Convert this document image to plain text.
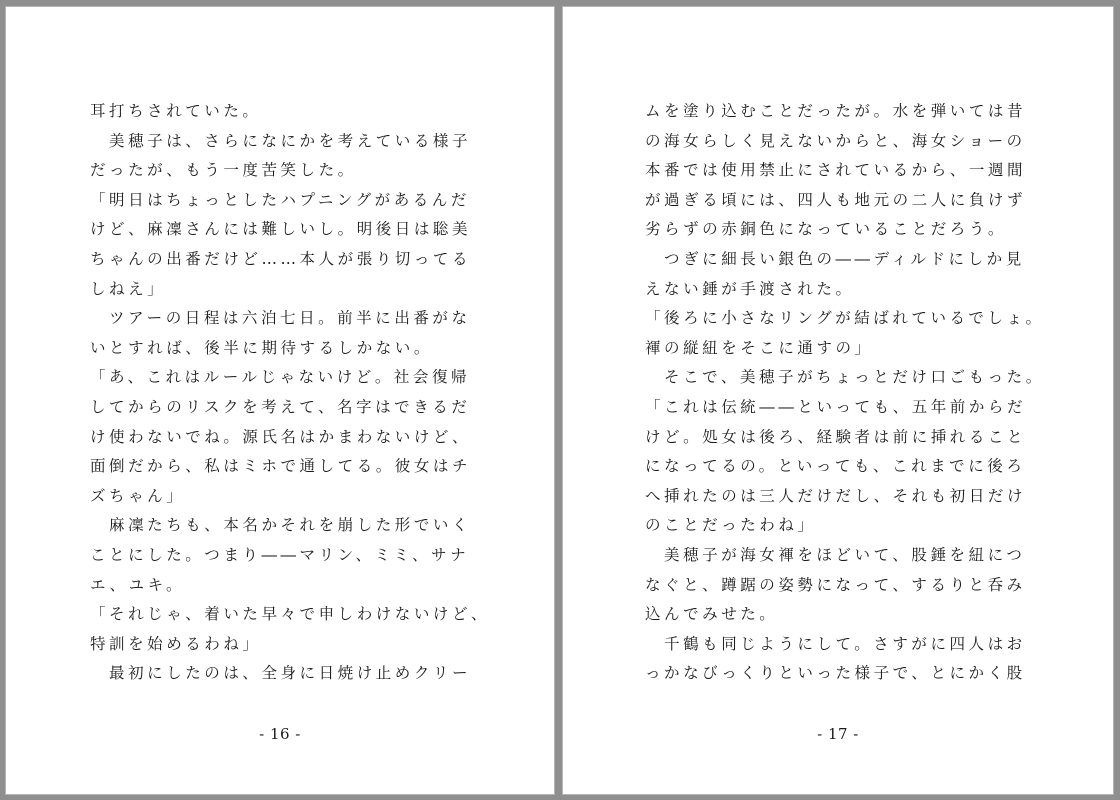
耳打ちされていた。
　美穂子は、さらになにかを考えている様子
だったが、もう一度苦笑した。
「明日はちょっとしたハプニングがあるんだ
けど、麻凜さんには難しいし。明後日は聡美
ちゃんの出番だけど……本人が張り切ってる
しねえ」
　ツアーの日程は六泊七日。前半に出番がな
いとすれば、後半に期待するしかない。
「あ、これはルールじゃないけど。社会復帰
してからのリスクを考えて、名字はできるだ
け使わないでね。源氏名はかまわないけど、
面倒だから、私はミホで通してる。彼女はチ
ズちゃん」
　麻凜たちも、本名かそれを崩した形でいく
ことにした。つまり――マリン、ミミ、サナ
エ、ユキ。
「それじゃ、着いた早々で申しわけないけど、
特訓を始めるわね」
　最初にしたのは、全身に日焼け止めクリー
- 16 -
ムを塗り込むことだったが。水を弾いては昔
の海女らしく見えないからと、海女ショーの
本番では使用禁止にされているから、一週間
が過ぎる頃には、四人も地元の二人に負けず
劣らずの赤銅色になっていることだろう。
　つぎに細長い銀色の――ディルドにしか見
えない錘が手渡された。
「後ろに小さなリングが結ばれているでしょ。
褌の縦紐をそこに通すの」
　そこで、美穂子がちょっとだけ口ごもった。
「これは伝統――といっても、五年前からだ
けど。処女は後ろ、経験者は前に挿れること
になってるの。といっても、これまでに後ろ
へ挿れたのは三人だけだし、それも初日だけ
のことだったわね」
　美穂子が海女褌をほどいて、股錘を紐につ
なぐと、蹲踞の姿勢になって、するりと呑み
込んでみせた。
　千鶴も同じようにして。さすがに四人はお
っかなびっくりといった様子で、とにかく股
- 17 -
